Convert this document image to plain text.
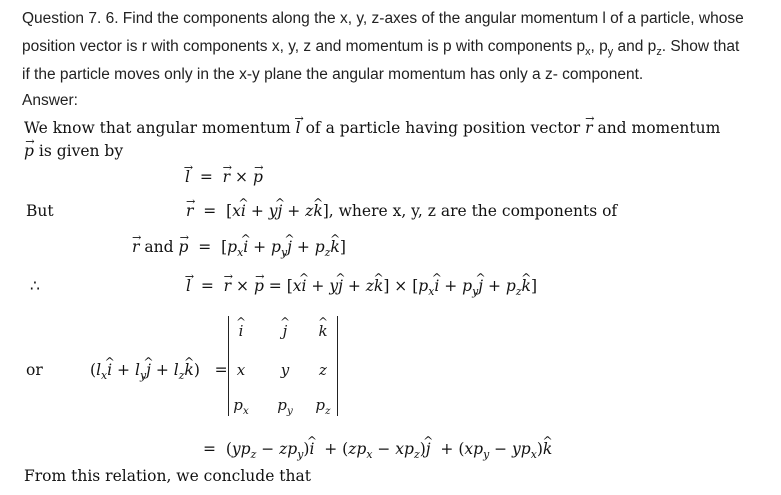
Question 7. 6. Find the components along the x, y, z-axes of the angular momentum l of a particle, whose
position vector is r with components x, y, z and momentum is p with components $p_x$, $p_y$ and $p_z$. Show that
if the particle moves only in the x-y plane the angular momentum has only a z- component.
Answer:
We know that angular momentum → l of a particle having position vector → r and momentum
→ p is given by
→ l  =  → r × → p
But	→ r  =  [x^ i + y^ j + z^ k], where x, y, z are the components of
→ r and → $p = [p_x\^{}$ $i + p_y\^{}$ $j + p_z\^{}$ k]
∴	→ l  =  → r × → p = [x^ i + y^ j + z^ $k] \times [p_x\^{}$ $i + p_y\^{}$ $j + p_z\^{}$ k]
or	($l_x\^{}$ $i + l_y\^{}$ $j + l_z\^{}$ k)   =
^ i	^ j	^ k
x	y	z
$p_x$ $p_y$ $p_z$
=  ($yp_z$ − $zp_y)\^{}$ $i + (zp_x$ − $xp_z)\^{}$ $j + (xp_y$ − $yp_x)\^{}$ k
From this relation, we conclude that
